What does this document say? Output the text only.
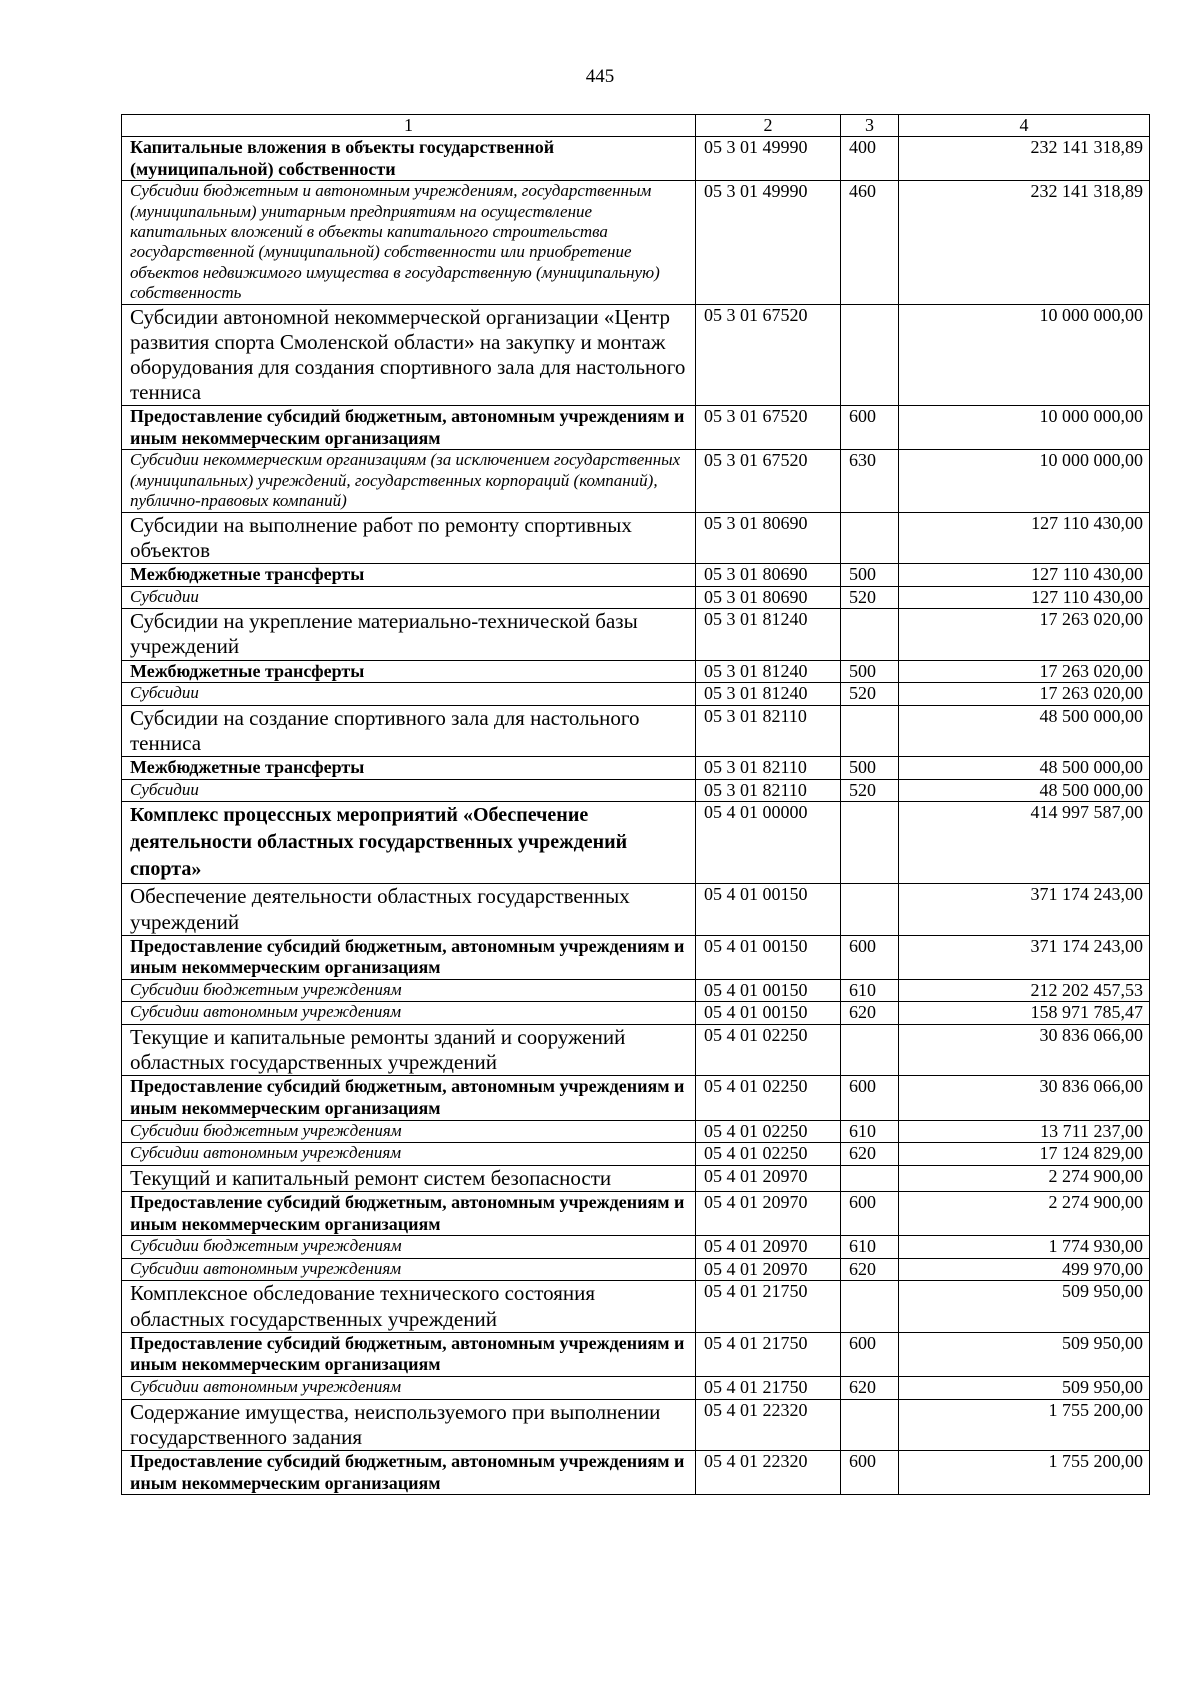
445
1	2	3	4
Капитальные вложения в объекты государственной (муниципальной) собственности	05 3 01 49990	400	232 141 318,89
Субсидии бюджетным и автономным учреждениям, государственным (муниципальным) унитарным предприятиям на осуществление капитальных вложений в объекты капитального строительства государственной (муниципальной) собственности или приобретение объектов недвижимого имущества в государственную (муниципальную) собственность	05 3 01 49990	460	232 141 318,89
Субсидии автономной некоммерческой организации «Центр развития спорта Смоленской области» на закупку и монтаж оборудования для создания спортивного зала для настольного тенниса	05 3 01 67520		10 000 000,00
Предоставление субсидий бюджетным, автономным учреждениям и иным некоммерческим организациям	05 3 01 67520	600	10 000 000,00
Субсидии некоммерческим организациям (за исключением государственных (муниципальных) учреждений, государственных корпораций (компаний), публично-правовых компаний)	05 3 01 67520	630	10 000 000,00
Субсидии на выполнение работ по ремонту спортивных объектов	05 3 01 80690		127 110 430,00
Межбюджетные трансферты	05 3 01 80690	500	127 110 430,00
Субсидии	05 3 01 80690	520	127 110 430,00
Субсидии на укрепление материально-технической базы учреждений	05 3 01 81240		17 263 020,00
Межбюджетные трансферты	05 3 01 81240	500	17 263 020,00
Субсидии	05 3 01 81240	520	17 263 020,00
Субсидии на создание спортивного зала для настольного тенниса	05 3 01 82110		48 500 000,00
Межбюджетные трансферты	05 3 01 82110	500	48 500 000,00
Субсидии	05 3 01 82110	520	48 500 000,00
Комплекс процессных мероприятий «Обеспечение деятельности областных государственных учреждений спорта»	05 4 01 00000		414 997 587,00
Обеспечение деятельности областных государственных учреждений	05 4 01 00150		371 174 243,00
Предоставление субсидий бюджетным, автономным учреждениям и иным некоммерческим организациям	05 4 01 00150	600	371 174 243,00
Субсидии бюджетным учреждениям	05 4 01 00150	610	212 202 457,53
Субсидии автономным учреждениям	05 4 01 00150	620	158 971 785,47
Текущие и капитальные ремонты зданий и сооружений областных государственных учреждений	05 4 01 02250		30 836 066,00
Предоставление субсидий бюджетным, автономным учреждениям и иным некоммерческим организациям	05 4 01 02250	600	30 836 066,00
Субсидии бюджетным учреждениям	05 4 01 02250	610	13 711 237,00
Субсидии автономным учреждениям	05 4 01 02250	620	17 124 829,00
Текущий и капитальный ремонт систем безопасности	05 4 01 20970		2 274 900,00
Предоставление субсидий бюджетным, автономным учреждениям и иным некоммерческим организациям	05 4 01 20970	600	2 274 900,00
Субсидии бюджетным учреждениям	05 4 01 20970	610	1 774 930,00
Субсидии автономным учреждениям	05 4 01 20970	620	499 970,00
Комплексное обследование технического состояния областных государственных учреждений	05 4 01 21750		509 950,00
Предоставление субсидий бюджетным, автономным учреждениям и иным некоммерческим организациям	05 4 01 21750	600	509 950,00
Субсидии автономным учреждениям	05 4 01 21750	620	509 950,00
Содержание имущества, неиспользуемого при выполнении государственного задания	05 4 01 22320		1 755 200,00
Предоставление субсидий бюджетным, автономным учреждениям и иным некоммерческим организациям	05 4 01 22320	600	1 755 200,00
